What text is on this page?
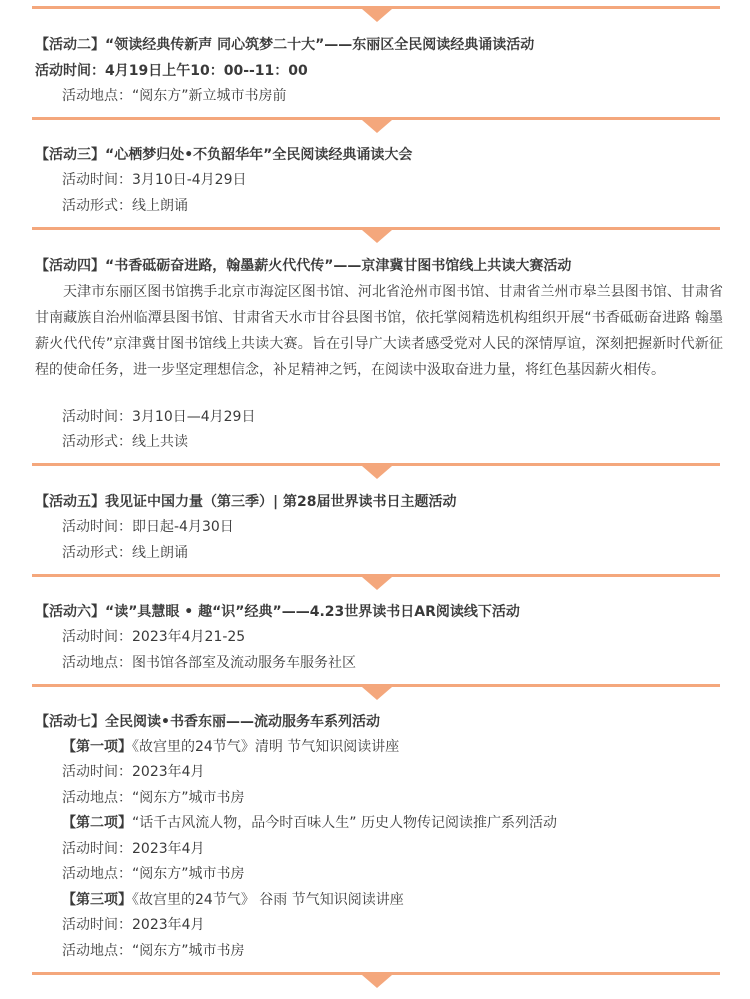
【活动二】“领读经典传新声 同心筑梦二十大”——东丽区全民阅读经典诵读活动
活动时间：4月19日上午10：00--11：00
活动地点：“阅东方”新立城市书房前
【活动三】“心栖梦归处•不负韶华年”全民阅读经典诵读大会
活动时间：3月10日-4月29日
活动形式：线上朗诵
【活动四】“书香砥砺奋进路，翰墨薪火代代传”——京津冀甘图书馆线上共读大赛活动

天津市东丽区图书馆携手北京市海淀区图书馆、河北省沧州市图书馆、甘肃省兰州市皋兰县图书馆、甘肃省甘南藏族自治州临潭县图书馆、甘肃省天水市甘谷县图书馆，依托掌阅精选机构组织开展“书香砥砺奋进路 翰墨薪火代代传”京津冀甘图书馆线上共读大赛。旨在引导广大读者感受党对人民的深情厚谊，深刻把握新时代新征程的使命任务，进一步坚定理想信念，补足精神之钙，在阅读中汲取奋进力量，将红色基因薪火相传。

活动时间：3月10日—4月29日
活动形式：线上共读
【活动五】我见证中国力量（第三季）| 第28届世界读书日主题活动
活动时间：即日起-4月30日
活动形式：线上朗诵
【活动六】“读”具慧眼 • 趣“识”经典”——4.23世界读书日AR阅读线下活动
活动时间：2023年4月21-25
活动地点：图书馆各部室及流动服务车服务社区
【活动七】全民阅读•书香东丽——流动服务车系列活动
【第一项】《故宫里的24节气》清明 节气知识阅读讲座
活动时间：2023年4月
活动地点：“阅东方”城市书房
【第二项】“话千古风流人物，品今时百味人生” 历史人物传记阅读推广系列活动
活动时间：2023年4月
活动地点：“阅东方”城市书房
【第三项】《故宫里的24节气》 谷雨 节气知识阅读讲座
活动时间：2023年4月
活动地点：“阅东方”城市书房
